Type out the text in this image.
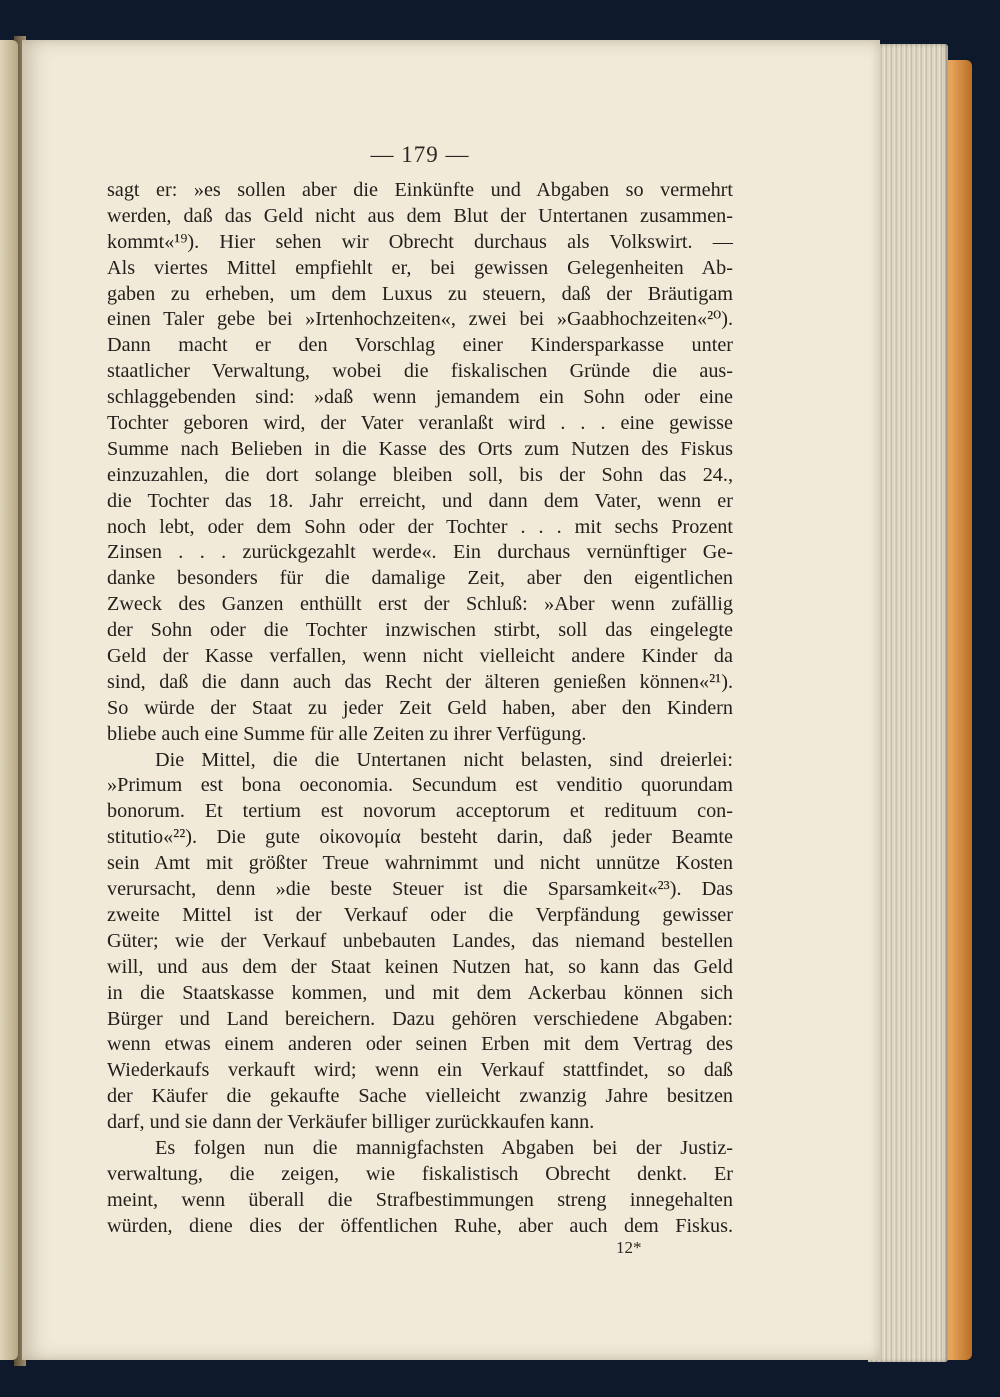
— 179 —
sagt er: »es sollen aber die Einkünfte und Abgaben so vermehrt
werden, daß das Geld nicht aus dem Blut der Untertanen zusammen-
kommt«¹⁹). Hier sehen wir Obrecht durchaus als Volkswirt. —
Als viertes Mittel empfiehlt er, bei gewissen Gelegenheiten Ab-
gaben zu erheben, um dem Luxus zu steuern, daß der Bräutigam
einen Taler gebe bei »Irtenhochzeiten«, zwei bei »Gaabhochzeiten«²⁰).
Dann macht er den Vorschlag einer Kindersparkasse unter
staatlicher Verwaltung, wobei die fiskalischen Gründe die aus-
schlaggebenden sind: »daß wenn jemandem ein Sohn oder eine
Tochter geboren wird, der Vater veranlaßt wird . . . eine gewisse
Summe nach Belieben in die Kasse des Orts zum Nutzen des Fiskus
einzuzahlen, die dort solange bleiben soll, bis der Sohn das 24.,
die Tochter das 18. Jahr erreicht, und dann dem Vater, wenn er
noch lebt, oder dem Sohn oder der Tochter . . . mit sechs Prozent
Zinsen . . . zurückgezahlt werde«. Ein durchaus vernünftiger Ge-
danke besonders für die damalige Zeit, aber den eigentlichen
Zweck des Ganzen enthüllt erst der Schluß: »Aber wenn zufällig
der Sohn oder die Tochter inzwischen stirbt, soll das eingelegte
Geld der Kasse verfallen, wenn nicht vielleicht andere Kinder da
sind, daß die dann auch das Recht der älteren genießen können«²¹).
So würde der Staat zu jeder Zeit Geld haben, aber den Kindern
bliebe auch eine Summe für alle Zeiten zu ihrer Verfügung.
Die Mittel, die die Untertanen nicht belasten, sind dreierlei:
»Primum est bona oeconomia. Secundum est venditio quorundam
bonorum. Et tertium est novorum acceptorum et redituum con-
stitutio«²²). Die gute οἰκονομία besteht darin, daß jeder Beamte
sein Amt mit größter Treue wahrnimmt und nicht unnütze Kosten
verursacht, denn »die beste Steuer ist die Sparsamkeit«²³). Das
zweite Mittel ist der Verkauf oder die Verpfändung gewisser
Güter; wie der Verkauf unbebauten Landes, das niemand bestellen
will, und aus dem der Staat keinen Nutzen hat, so kann das Geld
in die Staatskasse kommen, und mit dem Ackerbau können sich
Bürger und Land bereichern. Dazu gehören verschiedene Abgaben:
wenn etwas einem anderen oder seinen Erben mit dem Vertrag des
Wiederkaufs verkauft wird; wenn ein Verkauf stattfindet, so daß
der Käufer die gekaufte Sache vielleicht zwanzig Jahre besitzen
darf, und sie dann der Verkäufer billiger zurückkaufen kann.
Es folgen nun die mannigfachsten Abgaben bei der Justiz-
verwaltung, die zeigen, wie fiskalistisch Obrecht denkt. Er
meint, wenn überall die Strafbestimmungen streng innegehalten
würden, diene dies der öffentlichen Ruhe, aber auch dem Fiskus.
12*
